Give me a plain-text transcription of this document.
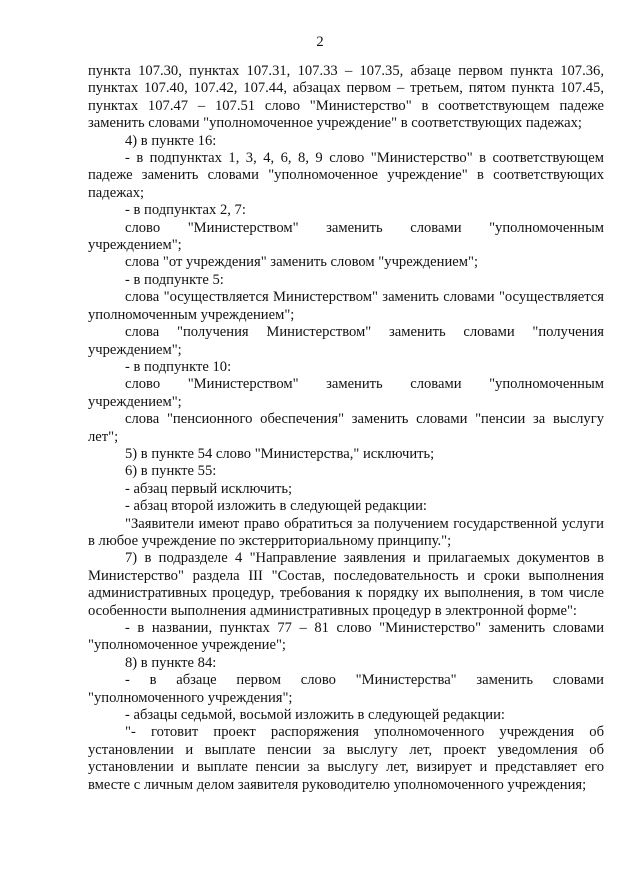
2

пункта 107.30, пунктах 107.31, 107.33 – 107.35, абзаце первом пункта 107.36, пунктах 107.40, 107.42, 107.44, абзацах первом – третьем, пятом пункта 107.45, пунктах 107.47 – 107.51 слово "Министерство" в соответствующем падеже заменить словами "уполномоченное учреждение" в соответствующих падежах;

4) в пункте 16:

- в подпунктах 1, 3, 4, 6, 8, 9 слово "Министерство" в соответствующем падеже заменить словами "уполномоченное учреждение" в соответствующих падежах;

- в подпунктах 2, 7:

слово "Министерством" заменить словами "уполномоченным учреждением";

слова "от учреждения" заменить словом "учреждением";

- в подпункте 5:

слова "осуществляется Министерством" заменить словами "осуществляется уполномоченным учреждением";

слова "получения Министерством" заменить словами "получения учреждением";

- в подпункте 10:

слово "Министерством" заменить словами "уполномоченным учреждением";

слова "пенсионного обеспечения" заменить словами "пенсии за выслугу лет";

5) в пункте 54 слово "Министерства," исключить;

6) в пункте 55:

- абзац первый исключить;

- абзац второй изложить в следующей редакции:

"Заявители имеют право обратиться за получением государственной услуги в любое учреждение по экстерриториальному принципу.";

7) в подразделе 4 "Направление заявления и прилагаемых документов в Министерство" раздела III "Состав, последовательность и сроки выполнения административных процедур, требования к порядку их выполнения, в том числе особенности выполнения административных процедур в электронной форме":

- в названии, пунктах 77 – 81 слово "Министерство" заменить словами "уполномоченное учреждение";

8) в пункте 84:

- в абзаце первом слово "Министерства" заменить словами "уполномоченного учреждения";

- абзацы седьмой, восьмой изложить в следующей редакции:

"- готовит проект распоряжения уполномоченного учреждения об установлении и выплате пенсии за выслугу лет, проект уведомления об установлении и выплате пенсии за выслугу лет, визирует и представляет его вместе с личным делом заявителя руководителю уполномоченного учреждения;
